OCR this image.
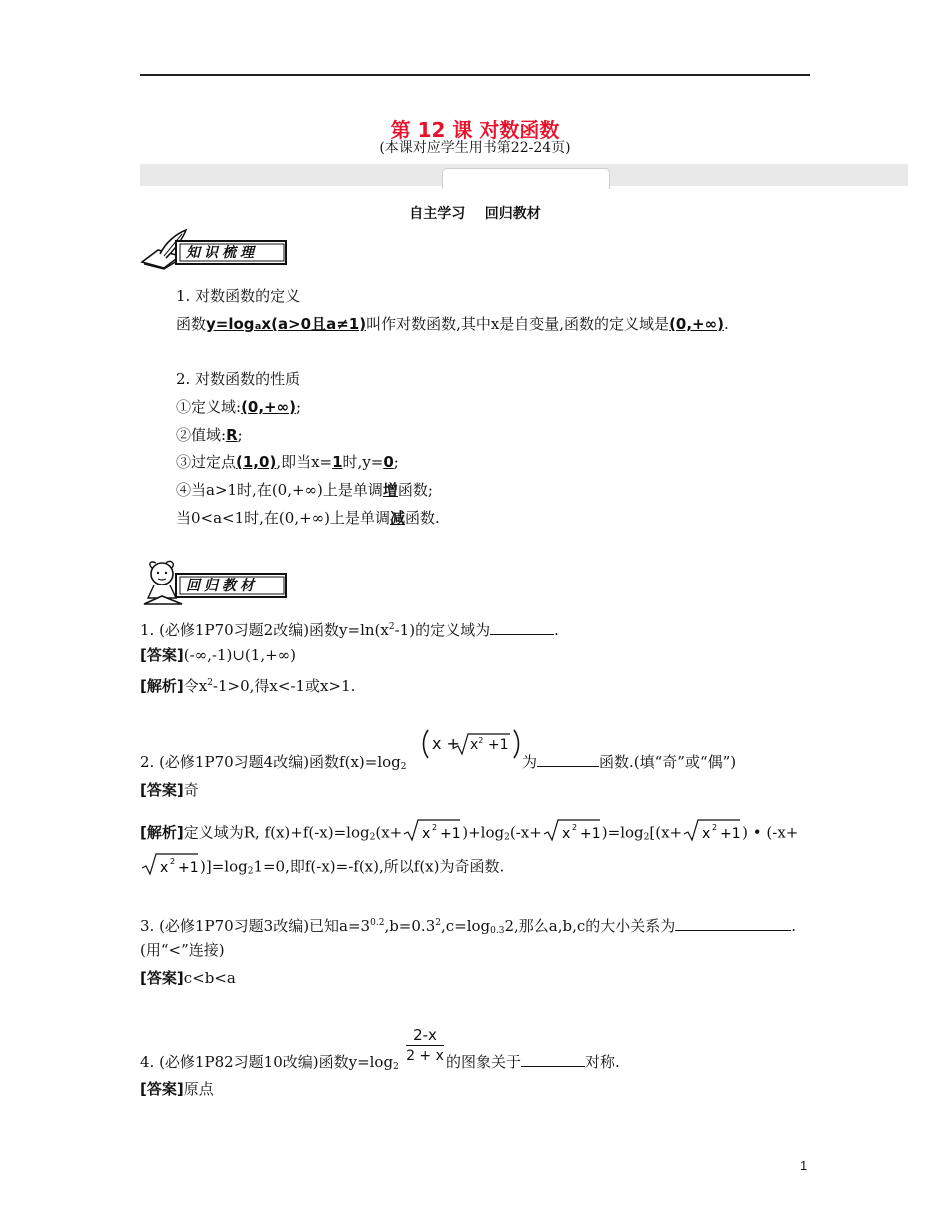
第 12 课 对数函数
(本课对应学生用书第22-24页)
自主学习    回归教材
知识梳理
1. 对数函数的定义
函数y=logₐx(a>0且a≠1)叫作对数函数,其中x是自变量,函数的定义域是(0,+∞).
2. 对数函数的性质
①定义域:(0,+∞);
②值域:R;
③过定点(1,0),即当x=1时,y=0;
④当a>1时,在(0,+∞)上是单调增函数;
当0<a<1时,在(0,+∞)上是单调减函数.
回归教材
1. (必修1P70习题2改编)函数$y=\ln(x^2-1)$的定义域为	.
[答案](-∞,-1)∪(1,+∞)
[解析]令$x^2-1>0$,得x<-1或x>1.
2. (必修1P70习题4改编)函数$f(x)=\log_2$
$x + x^2 +1$
为	函数.(填“奇”或“偶”)
[答案]奇
[解析]定义域为R, $f(x)+f(-x)=\log_2(x+ x$ 2 +1 )$+\log_2(-x+ x$ 2 +1 )$=\log_2[(x+ x$ 2 +1 ) • (-x+
x 2 +1 )]$=\log_21=0$,即f(-x)=-f(x),所以f(x)为奇函数.
3. (必修1P70习题3改编)已知$a=3^{0.2},b=0.3^2,c=\log_{0.3}2$,那么a,b,c的大小关系为	.
(用“<”连接)
[答案]c<b<a
4. (必修1P82习题10改编)函数$y=\log_2$
2-x
2 + x 的图象关于	对称.
[答案]原点
1
